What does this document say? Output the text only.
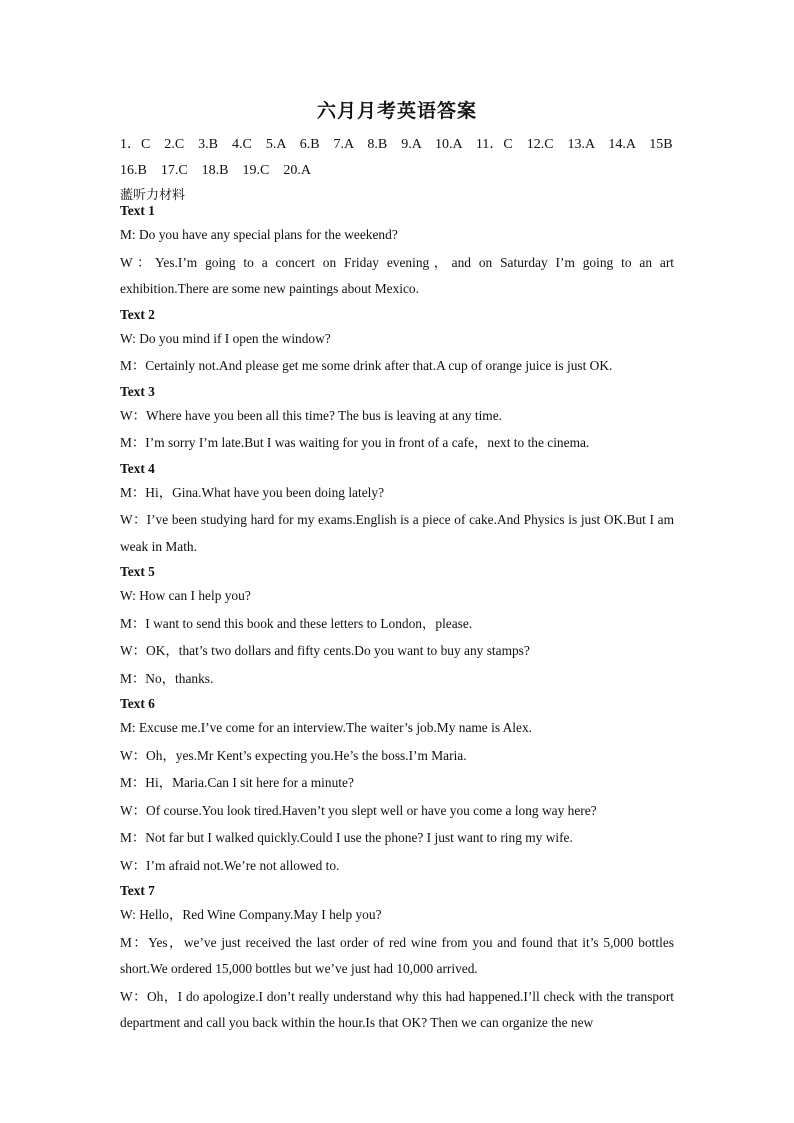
六月月考英语答案
1．C　2.C　3.B　4.C　5.A　6.B　7.A　8.B　9.A　10.A　11．C　12.C　13.A　14.A　15B
16.B　17.C　18.B　19.C　20.A
蘫听力材料
Text 1
M: Do you have any special plans for the weekend?
W：Yes.I’m going to a concert on Friday evening，and on Saturday I’m going to an art exhibition.There are some new paintings about Mexico.
Text 2
W: Do you mind if I open the window?
M：Certainly not.And please get me some drink after that.A cup of orange juice is just OK.
Text 3
W：Where have you been all this time? The bus is leaving at any time.
M：I’m sorry I’m late.But I was waiting for you in front of a cafe，next to the cinema.
Text 4
M：Hi，Gina.What have you been doing lately?
W：I’ve been studying hard for my exams.English is a piece of cake.And Physics is just OK.But I am weak in Math.
Text 5
W: How can I help you?
M：I want to send this book and these letters to London，please.
W：OK，that’s two dollars and fifty cents.Do you want to buy any stamps?
M：No，thanks.
Text 6
M: Excuse me.I’ve come for an interview.The waiter’s job.My name is Alex.
W：Oh，yes.Mr Kent’s expecting you.He’s the boss.I’m Maria.
M：Hi，Maria.Can I sit here for a minute?
W：Of course.You look tired.Haven’t you slept well or have you come a long way here?
M：Not far but I walked quickly.Could I use the phone? I just want to ring my wife.
W：I’m afraid not.We’re not allowed to.
Text 7
W: Hello，Red Wine Company.May I help you?
M：Yes，we’ve just received the last order of red wine from you and found that it’s 5,000 bottles short.We ordered 15,000 bottles but we’ve just had 10,000 arrived.
W：Oh，I do apologize.I don’t really understand why this had happened.I’ll check with the transport department and call you back within the hour.Is that OK? Then we can organize the new
